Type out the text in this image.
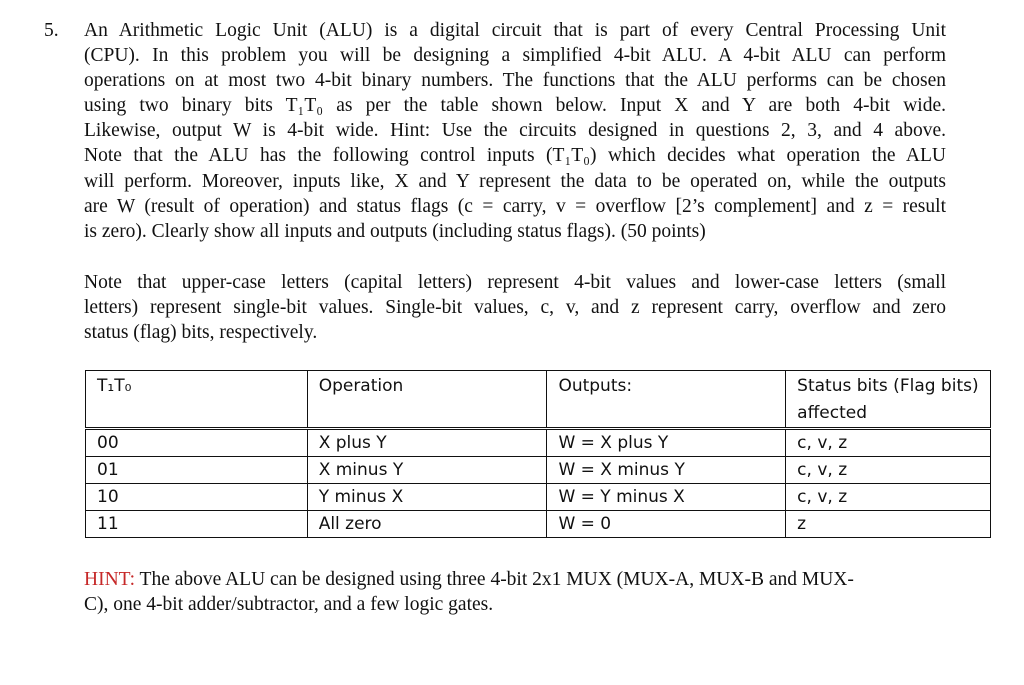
5. An Arithmetic Logic Unit (ALU) is a digital circuit that is part of every Central Processing Unit
(CPU). In this problem you will be designing a simplified 4-bit ALU. A 4-bit ALU can perform
operations on at most two 4-bit binary numbers. The functions that the ALU performs can be chosen
using two binary bits T₁T₀ as per the table shown below. Input X and Y are both 4-bit wide.
Likewise, output W is 4-bit wide. Hint: Use the circuits designed in questions 2, 3, and 4 above.
Note that the ALU has the following control inputs (T₁T₀) which decides what operation the ALU
will perform. Moreover, inputs like, X and Y represent the data to be operated on, while the outputs
are W (result of operation) and status flags (c = carry, v = overflow [2’s complement] and z = result
is zero). Clearly show all inputs and outputs (including status flags). (50 points)
Note that upper-case letters (capital letters) represent 4-bit values and lower-case letters (small
letters) represent single-bit values. Single-bit values, c, v, and z represent carry, overflow and zero
status (flag) bits, respectively.
T₁T₀	Operation	Outputs:	Status bits (Flag bits) affected
00	X plus Y	W = X plus Y	c, v, z
01	X minus Y	W = X minus Y	c, v, z
10	Y minus X	W = Y minus X	c, v, z
11	All zero	W = 0	z
HINT: The above ALU can be designed using three 4-bit 2x1 MUX (MUX-A, MUX-B and MUX-
C), one 4-bit adder/subtractor, and a few logic gates.
